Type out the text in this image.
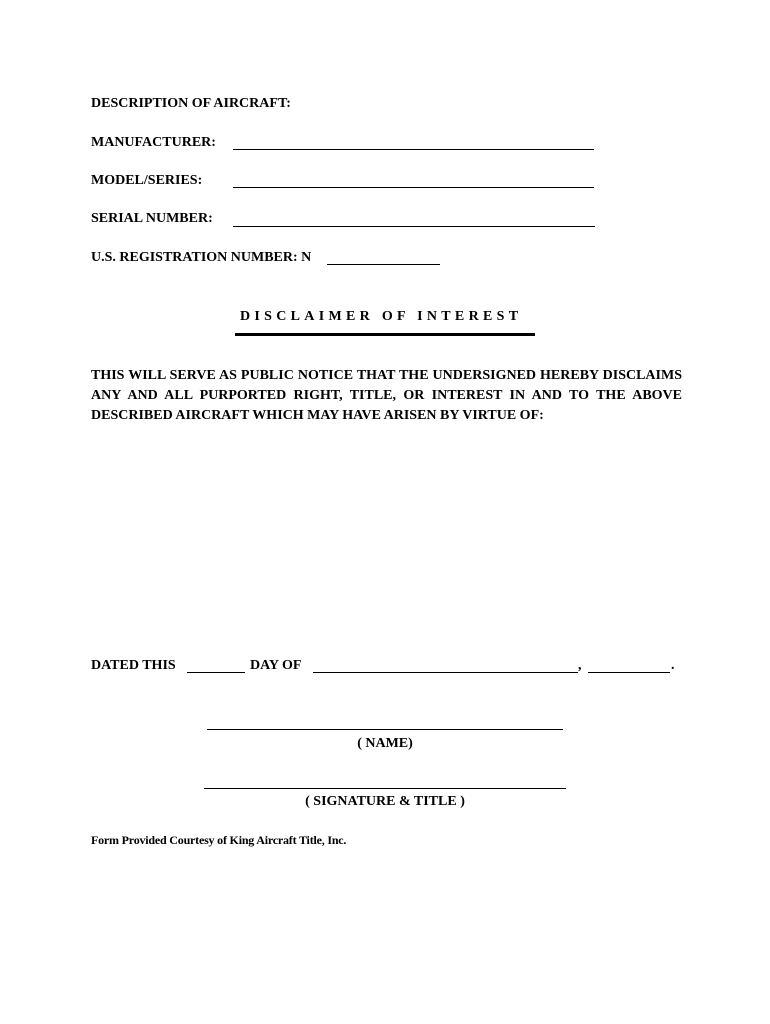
DESCRIPTION OF AIRCRAFT:
MANUFACTURER:
MODEL/SERIES:
SERIAL NUMBER:
U.S. REGISTRATION NUMBER: N
DISCLAIMER OF INTEREST
THIS WILL SERVE AS PUBLIC NOTICE THAT THE UNDERSIGNED HEREBY DISCLAIMS ANY AND ALL PURPORTED RIGHT, TITLE, OR INTEREST IN AND TO THE ABOVE DESCRIBED AIRCRAFT WHICH MAY HAVE ARISEN BY VIRTUE OF:
DATED THIS	DAY OF	,	.
( NAME)
( SIGNATURE & TITLE )
Form Provided Courtesy of King Aircraft Title, Inc.
